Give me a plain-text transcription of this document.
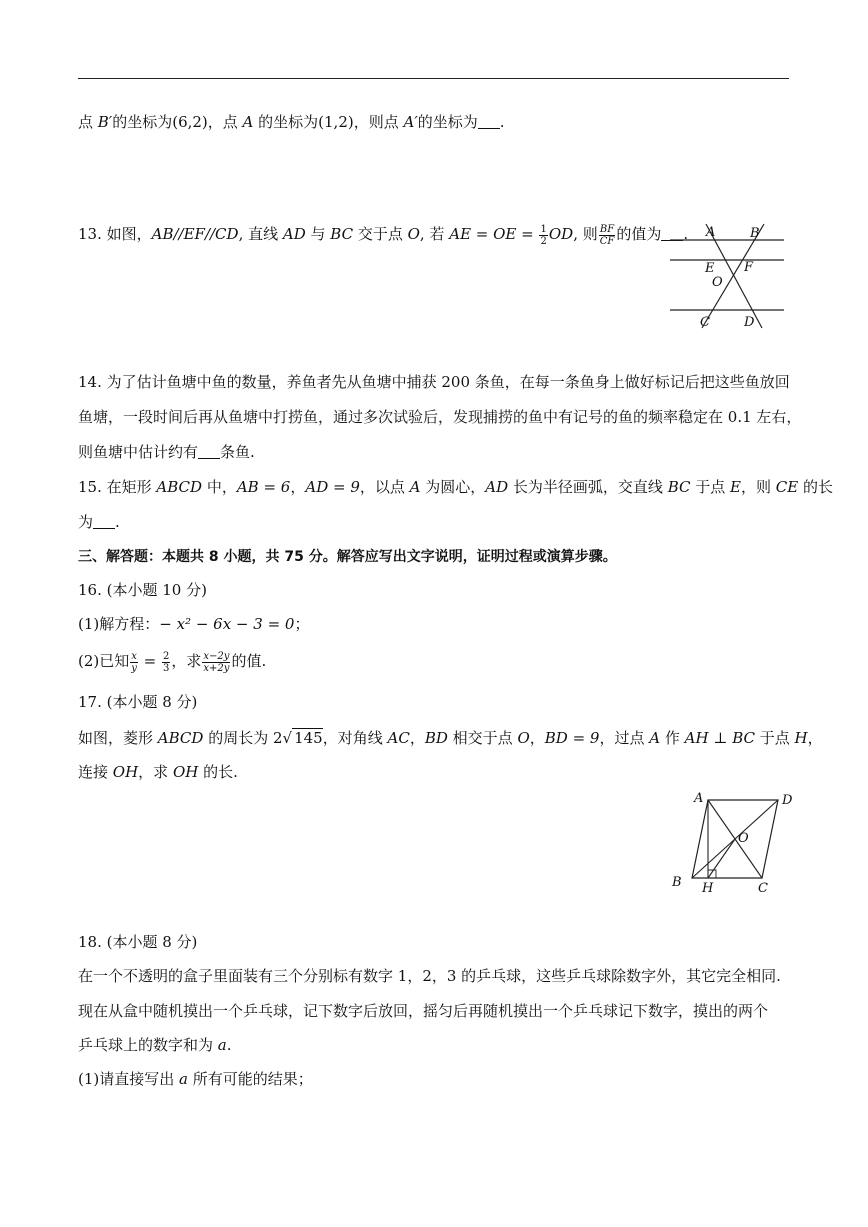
点 B′的坐标为(6,2)，点 A 的坐标为(1,2)，则点 A′的坐标为 .
13. 如图，AB//EF//CD, 直线 AD 与 BC 交于点 O, 若 AE = OE = $\frac{1}{2}$ OD, 则 $\frac{BF}{CF}$ 的值为 . A	B
E F
O
C	D
14. 为了估计鱼塘中鱼的数量，养鱼者先从鱼塘中捕获 200 条鱼，在每一条鱼身上做好标记后把这些鱼放回
鱼塘，一段时间后再从鱼塘中打捞鱼，通过多次试验后，发现捕捞的鱼中有记号的鱼的频率稳定在 0.1 左右，
则鱼塘中估计约有 条鱼.
15. 在矩形 ABCD 中，AB = 6，AD = 9，以点 A 为圆心，AD 长为半径画弧，交直线 BC 于点 E，则 CE 的长
为 .
三、解答题：本题共 8 小题，共 75 分。解答应写出文字说明，证明过程或演算步骤。
16. (本小题 10 分)
(1)解方程：− x² − 6x − 3 = 0；
(2)已知 $\frac{x}{y} = \frac{2}{3}$ ，求 $\frac{x-2y}{x+2y}$ 的值.
17. (本小题 8 分)
如图，菱形 ABCD 的周长为 2√ 145，对角线 AC，BD 相交于点 O，BD = 9，过点 A 作 AH ⊥ BC 于点 H，
连接 OH，求 OH 的长.
A	D
O
B H	C
18. (本小题 8 分)
在一个不透明的盒子里面装有三个分别标有数字 1，2，3 的乒乓球，这些乒乓球除数字外，其它完全相同.
现在从盒中随机摸出一个乒乓球，记下数字后放回，摇匀后再随机摸出一个乒乓球记下数字，摸出的两个
乒乓球上的数字和为 a.
(1)请直接写出 a 所有可能的结果；
